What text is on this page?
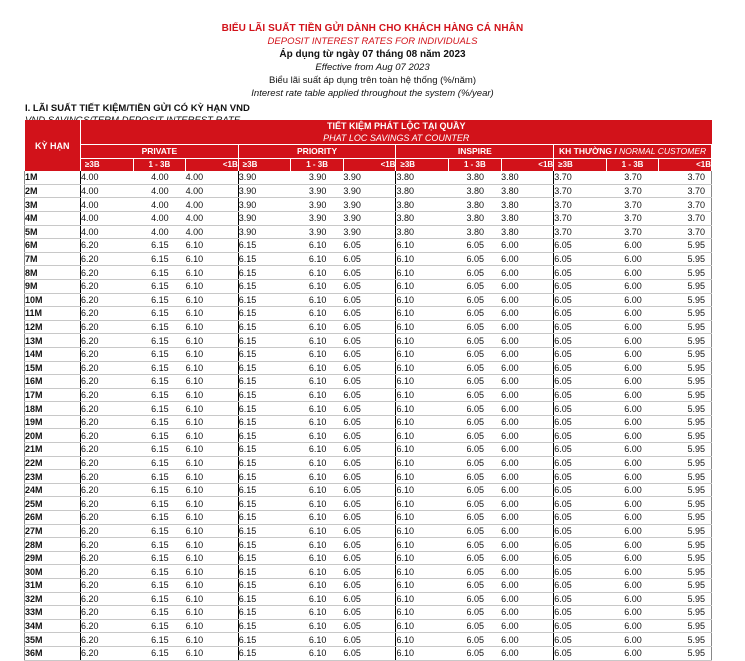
BIỂU LÃI SUẤT TIỀN GỬI DÀNH CHO KHÁCH HÀNG CÁ NHÂN
DEPOSIT INTEREST RATES FOR INDIVIDUALS
Áp dụng từ ngày 07 tháng 08 năm 2023
Effective from Aug 07 2023
Biểu lãi suất áp dụng trên toàn hệ thống (%/năm)
Interest rate table applied throughout the system (%/year)
I. LÃI SUẤT TIẾT KIỆM/TIỀN GỬI CÓ KỲ HẠN VND
VND SAVINGS/TERM DEPOSIT INTEREST RATE
KỲ HẠN	TIẾT KIỆM PHÁT LỘC TẠI QUẦY
PHAT LOC SAVINGS AT COUNTER											

	PRIVATE			PRIORITY			INSPIRE			KH THƯỜNG / NORMAL CUSTOMER		
	≥3B	1 - 3B	<1B	≥3B	1 - 3B	<1B	≥3B	1 - 3B	<1B	≥3B	1 - 3B	<1B
1M	4.00	4.00	4.00	3.90	3.90	3.90	3.80	3.80	3.80	3.70	3.70	3.70
2M	4.00	4.00	4.00	3.90	3.90	3.90	3.80	3.80	3.80	3.70	3.70	3.70
3M	4.00	4.00	4.00	3.90	3.90	3.90	3.80	3.80	3.80	3.70	3.70	3.70
4M	4.00	4.00	4.00	3.90	3.90	3.90	3.80	3.80	3.80	3.70	3.70	3.70
5M	4.00	4.00	4.00	3.90	3.90	3.90	3.80	3.80	3.80	3.70	3.70	3.70
6M	6.20	6.15	6.10	6.15	6.10	6.05	6.10	6.05	6.00	6.05	6.00	5.95
7M	6.20	6.15	6.10	6.15	6.10	6.05	6.10	6.05	6.00	6.05	6.00	5.95
8M	6.20	6.15	6.10	6.15	6.10	6.05	6.10	6.05	6.00	6.05	6.00	5.95
9M	6.20	6.15	6.10	6.15	6.10	6.05	6.10	6.05	6.00	6.05	6.00	5.95
10M	6.20	6.15	6.10	6.15	6.10	6.05	6.10	6.05	6.00	6.05	6.00	5.95
11M	6.20	6.15	6.10	6.15	6.10	6.05	6.10	6.05	6.00	6.05	6.00	5.95
12M	6.20	6.15	6.10	6.15	6.10	6.05	6.10	6.05	6.00	6.05	6.00	5.95
13M	6.20	6.15	6.10	6.15	6.10	6.05	6.10	6.05	6.00	6.05	6.00	5.95
14M	6.20	6.15	6.10	6.15	6.10	6.05	6.10	6.05	6.00	6.05	6.00	5.95
15M	6.20	6.15	6.10	6.15	6.10	6.05	6.10	6.05	6.00	6.05	6.00	5.95
16M	6.20	6.15	6.10	6.15	6.10	6.05	6.10	6.05	6.00	6.05	6.00	5.95
17M	6.20	6.15	6.10	6.15	6.10	6.05	6.10	6.05	6.00	6.05	6.00	5.95
18M	6.20	6.15	6.10	6.15	6.10	6.05	6.10	6.05	6.00	6.05	6.00	5.95
19M	6.20	6.15	6.10	6.15	6.10	6.05	6.10	6.05	6.00	6.05	6.00	5.95
20M	6.20	6.15	6.10	6.15	6.10	6.05	6.10	6.05	6.00	6.05	6.00	5.95
21M	6.20	6.15	6.10	6.15	6.10	6.05	6.10	6.05	6.00	6.05	6.00	5.95
22M	6.20	6.15	6.10	6.15	6.10	6.05	6.10	6.05	6.00	6.05	6.00	5.95
23M	6.20	6.15	6.10	6.15	6.10	6.05	6.10	6.05	6.00	6.05	6.00	5.95
24M	6.20	6.15	6.10	6.15	6.10	6.05	6.10	6.05	6.00	6.05	6.00	5.95
25M	6.20	6.15	6.10	6.15	6.10	6.05	6.10	6.05	6.00	6.05	6.00	5.95
26M	6.20	6.15	6.10	6.15	6.10	6.05	6.10	6.05	6.00	6.05	6.00	5.95
27M	6.20	6.15	6.10	6.15	6.10	6.05	6.10	6.05	6.00	6.05	6.00	5.95
28M	6.20	6.15	6.10	6.15	6.10	6.05	6.10	6.05	6.00	6.05	6.00	5.95
29M	6.20	6.15	6.10	6.15	6.10	6.05	6.10	6.05	6.00	6.05	6.00	5.95
30M	6.20	6.15	6.10	6.15	6.10	6.05	6.10	6.05	6.00	6.05	6.00	5.95
31M	6.20	6.15	6.10	6.15	6.10	6.05	6.10	6.05	6.00	6.05	6.00	5.95
32M	6.20	6.15	6.10	6.15	6.10	6.05	6.10	6.05	6.00	6.05	6.00	5.95
33M	6.20	6.15	6.10	6.15	6.10	6.05	6.10	6.05	6.00	6.05	6.00	5.95
34M	6.20	6.15	6.10	6.15	6.10	6.05	6.10	6.05	6.00	6.05	6.00	5.95
35M	6.20	6.15	6.10	6.15	6.10	6.05	6.10	6.05	6.00	6.05	6.00	5.95
36M	6.20	6.15	6.10	6.15	6.10	6.05	6.10	6.05	6.00	6.05	6.00	5.95
